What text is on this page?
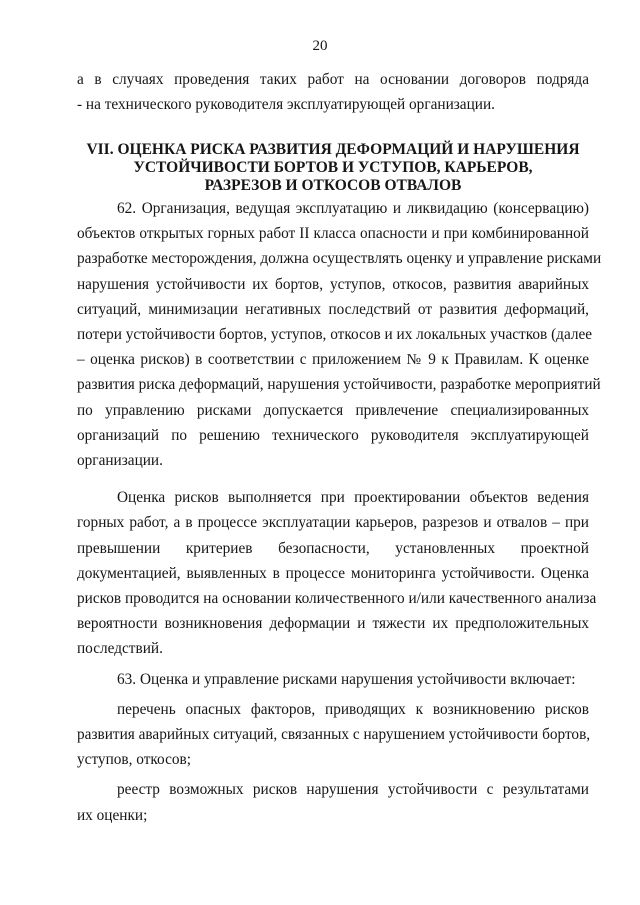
20
а в случаях проведения таких работ на основании договоров подряда
- на технического руководителя эксплуатирующей организации.
VII. ОЦЕНКА РИСКА РАЗВИТИЯ ДЕФОРМАЦИЙ И НАРУШЕНИЯ
УСТОЙЧИВОСТИ БОРТОВ И УСТУПОВ, КАРЬЕРОВ,
РАЗРЕЗОВ И ОТКОСОВ ОТВАЛОВ
62. Организация, ведущая эксплуатацию и ликвидацию (консервацию)
объектов открытых горных работ II класса опасности и при комбинированной
разработке месторождения, должна осуществлять оценку и управление рисками
нарушения устойчивости их бортов, уступов, откосов, развития аварийных
ситуаций, минимизации негативных последствий от развития деформаций,
потери устойчивости бортов, уступов, откосов и их локальных участков (далее
– оценка рисков) в соответствии с приложением № 9 к Правилам. К оценке
развития риска деформаций, нарушения устойчивости, разработке мероприятий
по управлению рисками допускается привлечение специализированных
организаций по решению технического руководителя эксплуатирующей
организации.
Оценка рисков выполняется при проектировании объектов ведения
горных работ, а в процессе эксплуатации карьеров, разрезов и отвалов – при
превышении критериев безопасности, установленных проектной
документацией, выявленных в процессе мониторинга устойчивости. Оценка
рисков проводится на основании количественного и/или качественного анализа
вероятности возникновения деформации и тяжести их предположительных
последствий.
63. Оценка и управление рисками нарушения устойчивости включает:
перечень опасных факторов, приводящих к возникновению рисков
развития аварийных ситуаций, связанных с нарушением устойчивости бортов,
уступов, откосов;
реестр возможных рисков нарушения устойчивости с результатами
их оценки;
